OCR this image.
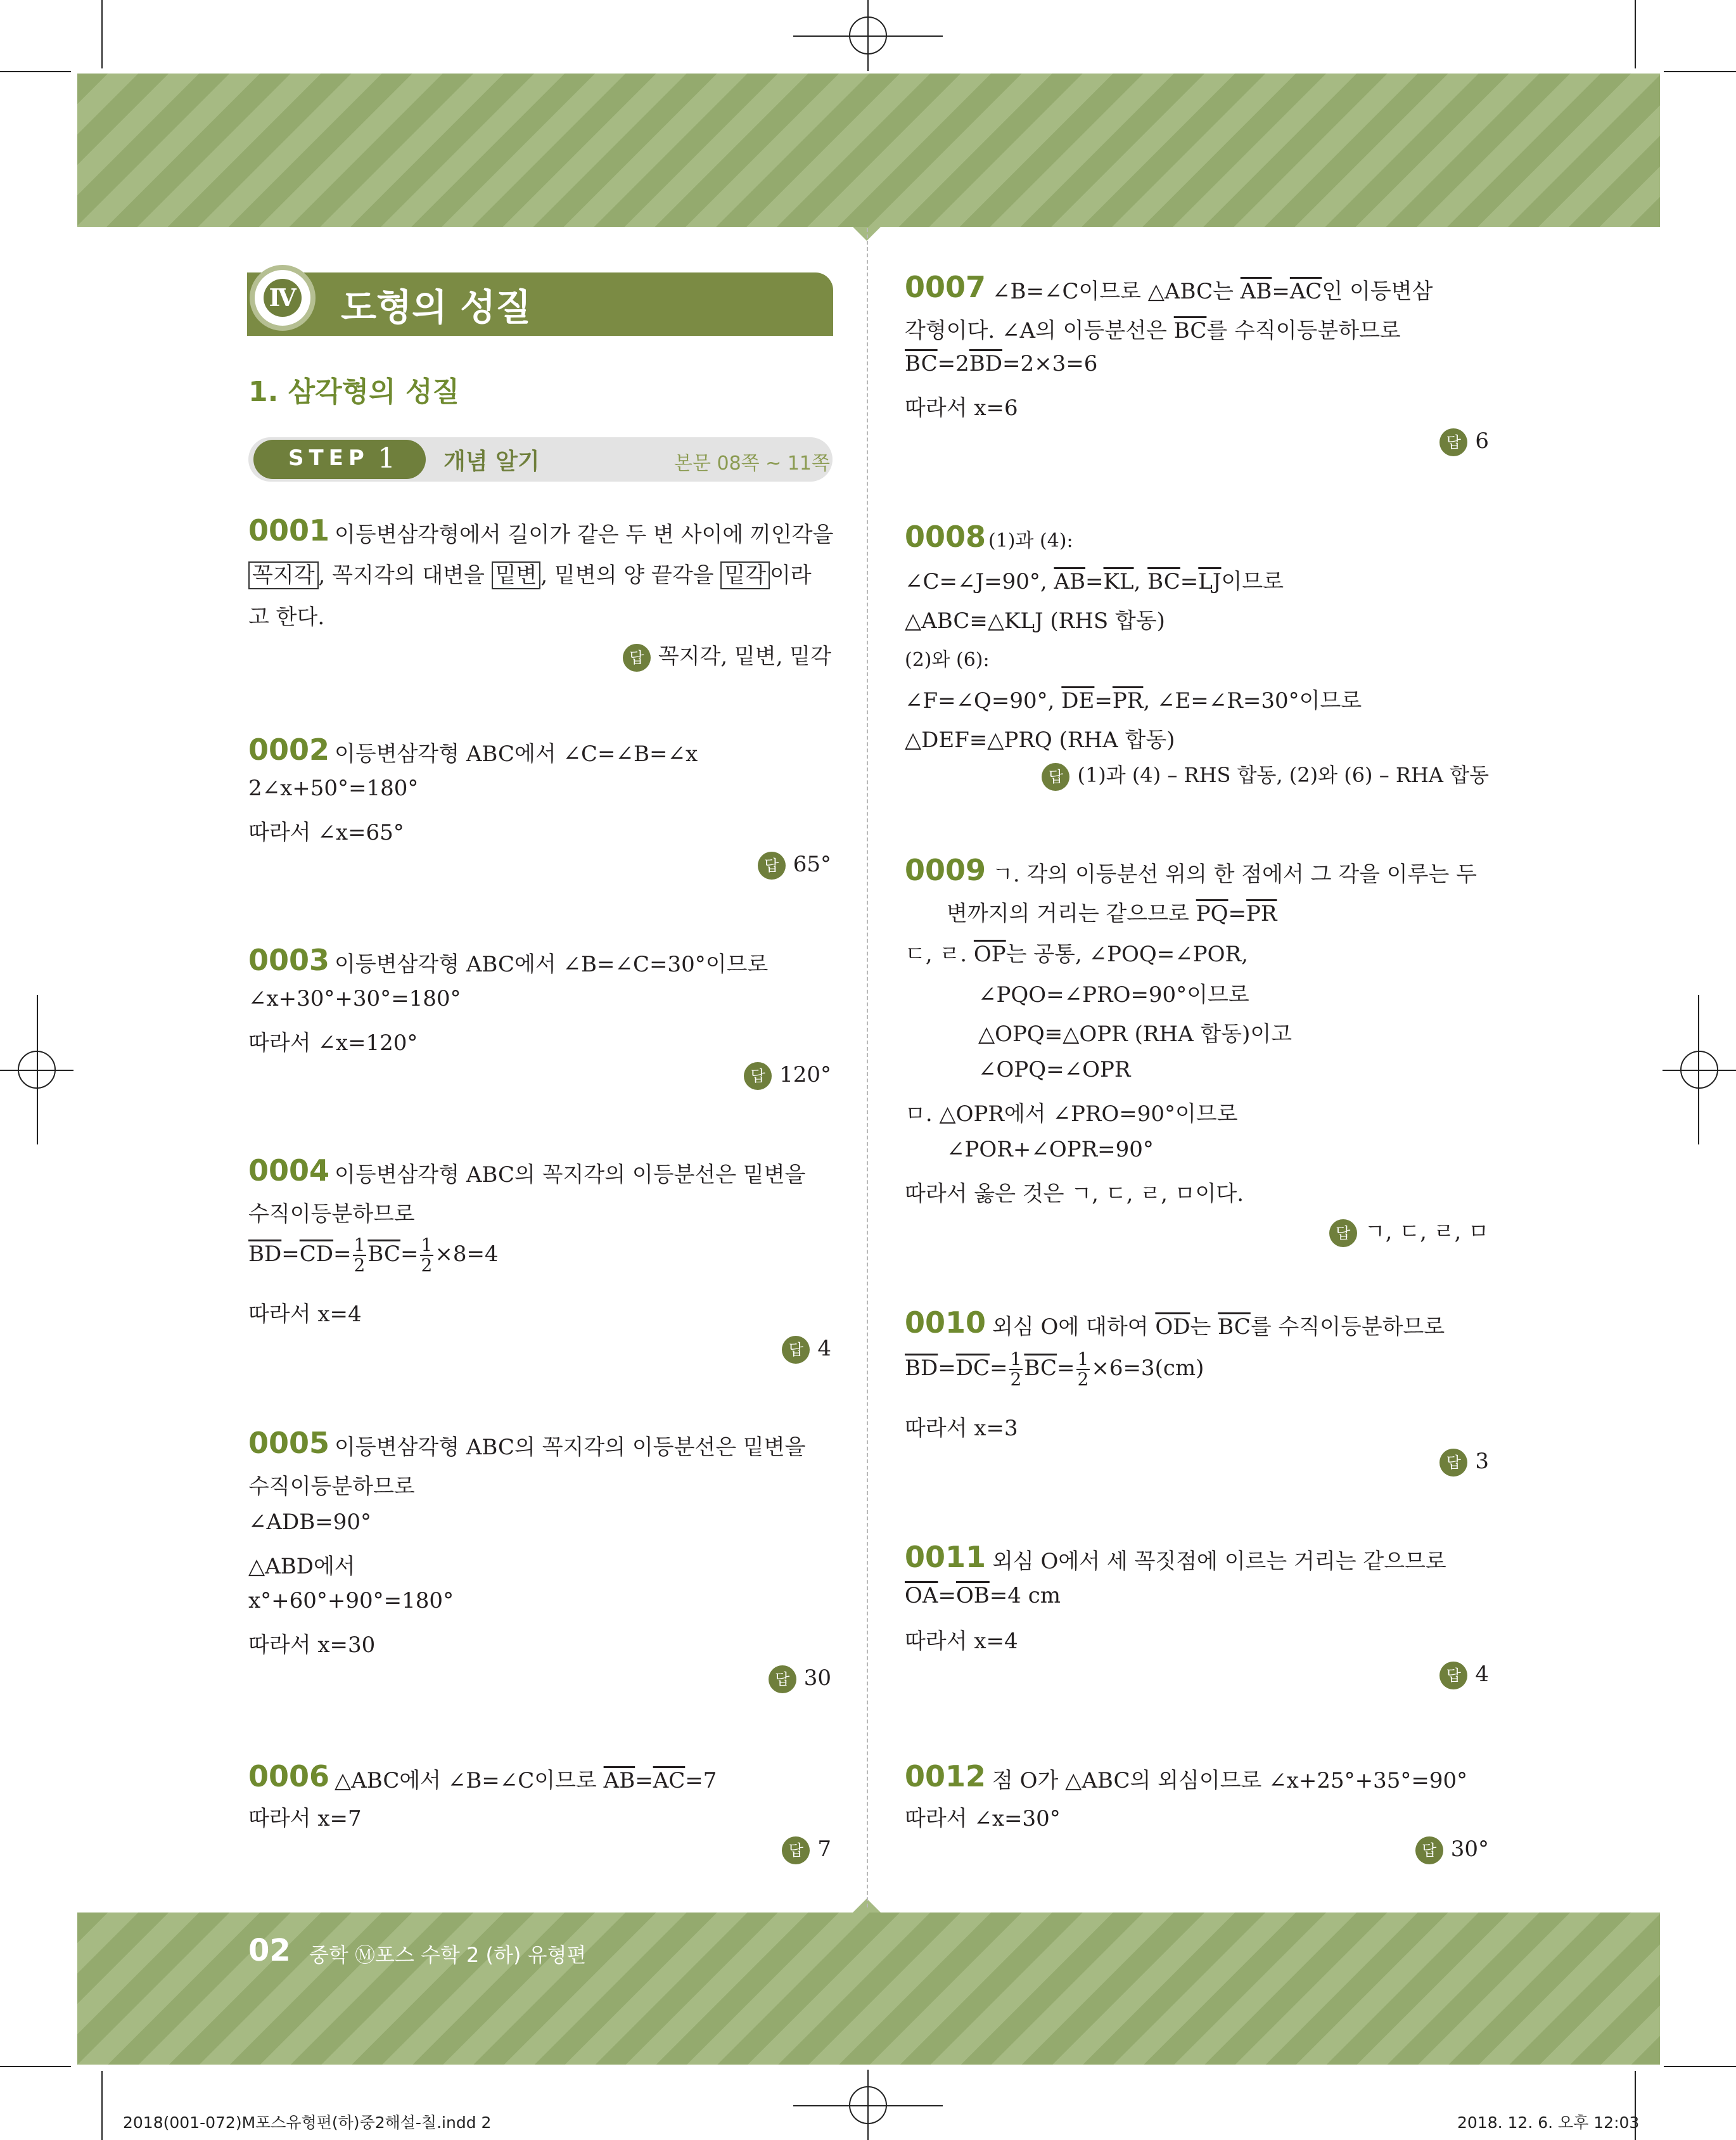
Ⅳ 도형의 성질
1. 삼각형의 성질
STEP 1 개념 알기	본문 08쪽 ~ 11쪽
0001 이등변삼각형에서 길이가 같은 두 변 사이에 끼인각을
꼭지각 , 꼭지각의 대변을 밑변 , 밑변의 양 끝각을 밑각 이라
고 한다.
답 꼭지각, 밑변, 밑각
0002 이등변삼각형 ABC에서 ∠C=∠B=∠x
2∠x+50°=180°
따라서 ∠x=65°
답 65°
0003 이등변삼각형 ABC에서 ∠B=∠C=30°이므로
∠x+30°+30°=180°
따라서 ∠x=120°
답 120°
0004 이등변삼각형 ABC의 꼭지각의 이등분선은 밑변을
수직이등분하므로
$\overline{BD}=\overline{CD}= \frac{1}{2} \overline{BC}= \frac{1}{2} \times 8=4$
따라서 x=4
답 4
0005 이등변삼각형 ABC의 꼭지각의 이등분선은 밑변을
수직이등분하므로
∠ADB=90°
△ABD에서
x°+60°+90°=180°
따라서 x=30
답 30
0006 △ABC에서 ∠B=∠C이므로 $\overline{AB}=\overline{AC}=7$
따라서 x=7
답 7
0007 ∠B=∠C이므로 △ABC는 $\overline{AB}=\overline{AC}$인 이등변삼
각형이다. ∠A의 이등분선은 $\overline{BC}$를 수직이등분하므로
$\overline{BC}=2\overline{BD}=2\times 3=6$
따라서 x=6
답 6
0008 (1)과 (4):
∠C=∠J=90°, $\overline{AB}=\overline{KL}$, $\overline{BC}=\overline{LJ}$이므로
△ABC≡△KLJ (RHS 합동)
(2)와 (6):
∠F=∠Q=90°, $\overline{DE}=\overline{PR}$, ∠E=∠R=30°이므로
△DEF≡△PRQ (RHA 합동)
답 (1)과 (4) – RHS 합동, (2)와 (6) – RHA 합동
0009 ㄱ. 각의 이등분선 위의 한 점에서 그 각을 이루는 두
변까지의 거리는 같으므로 $\overline{PQ}=\overline{PR}$
ㄷ, ㄹ. $\overline{OP}$는 공통, ∠POQ=∠POR,
∠PQO=∠PRO=90°이므로
△OPQ≡△OPR (RHA 합동)이고
∠OPQ=∠OPR
ㅁ. △OPR에서 ∠PRO=90°이므로
∠POR+∠OPR=90°
따라서 옳은 것은 ㄱ, ㄷ, ㄹ, ㅁ이다.
답 ㄱ, ㄷ, ㄹ, ㅁ
0010 외심 O에 대하여 $\overline{OD}$는 $\overline{BC}$를 수직이등분하므로
$\overline{BD}=\overline{DC}= \frac{1}{2} \overline{BC}= \frac{1}{2} \times 6=3(cm)$
따라서 x=3
답 3
0011 외심 O에서 세 꼭짓점에 이르는 거리는 같으므로
$\overline{OA}=\overline{OB}=4$ cm
따라서 x=4
답 4
0012 점 O가 △ABC의 외심이므로 ∠x+25°+35°=90°
따라서 ∠x=30°
답 30°
02 중학 Ⓜ포스 수학 2 (하) 유형편
2018(001-072)M포스유형편(하)중2해설-칠.indd 2	2018. 12. 6. 오후 12:03
